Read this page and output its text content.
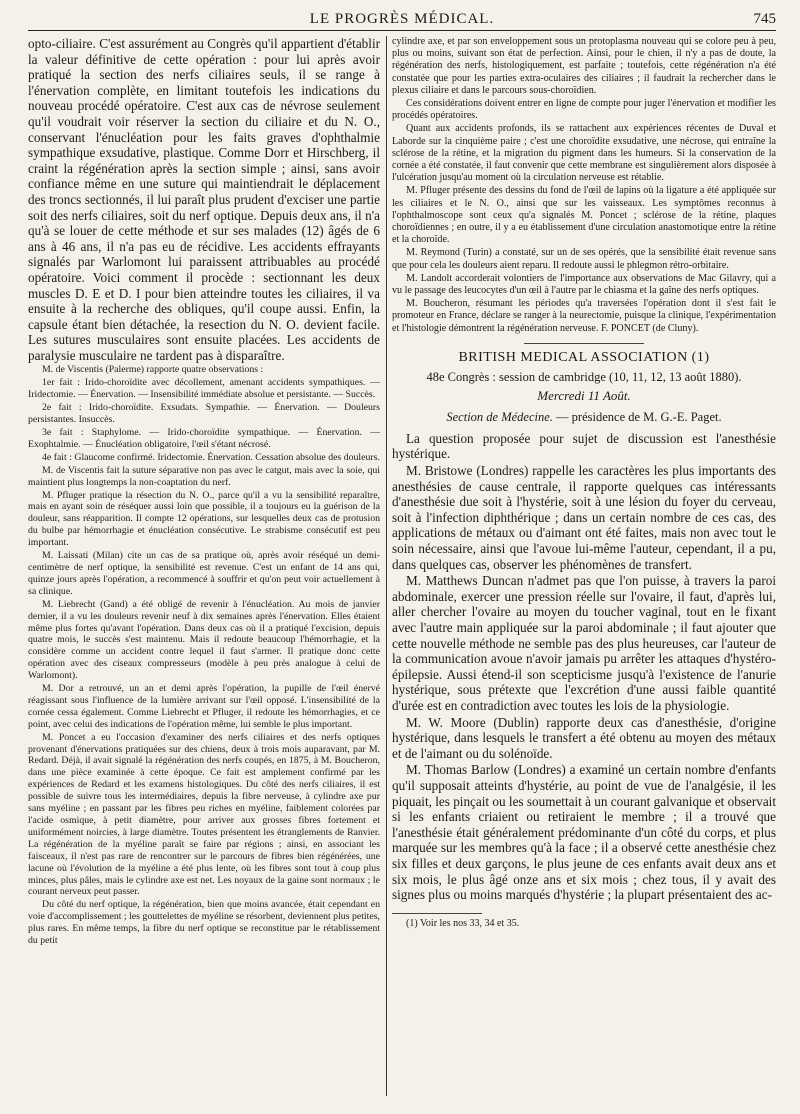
LE PROGRÈS MÉDICAL.	745

opto-ciliaire. C'est assurément au Congrès qu'il appartient d'établir la valeur définitive de cette opération : pour lui après avoir pratiqué la section des nerfs ciliaires seuls, il se range à l'énervation complète, en limitant toutefois les indications du nouveau procédé opératoire. C'est aux cas de névrose seulement qu'il voudrait voir réserver la section du ciliaire et du N. O., conservant l'énucléation pour les faits graves d'ophthalmie sympathique exsudative, plastique. Comme Dorr et Hirschberg, il craint la régénération après la section simple ; ainsi, sans avoir confiance même en une suture qui maintiendrait le déplacement des troncs sectionnés, il lui paraît plus prudent d'exciser une partie soit des nerfs ciliaires, soit du nerf optique. Depuis deux ans, il n'a qu'à se louer de cette méthode et sur ses malades (12) âgés de 6 ans à 46 ans, il n'a pas eu de récidive. Les accidents effrayants signalés par Warlomont lui paraissent attribuables au procédé opératoire. Voici comment il procède : sectionnant les deux muscles D. E et D. I pour bien atteindre toutes les ciliaires, il va ensuite à la recherche des obliques, qu'il coupe aussi. Enfin, la capsule étant bien détachée, la resection du N. O. devient facile. Les sutures musculaires sont ensuite placées. Les accidents de paralysie musculaire ne tardent pas à disparaître.

M. de Viscentis (Palerme) rapporte quatre observations :

1er fait : Irido-choroïdite avec décollement, amenant accidents sympathiques. — Iridectomie. — Énervation. — Insensibilité immédiate absolue et persistante. — Succès.

2e fait : Irido-choroïdite. Exsudats. Sympathie. — Énervation. — Douleurs persistantes. Insuccès.

3e fait : Staphylome. — Irido-choroïdite sympathique. — Énervation. — Exophtalmie. — Énucléation obligatoire, l'œil s'étant nécrosé.

4e fait : Glaucome confirmé. Iridectomie. Énervation. Cessation absolue des douleurs.

M. de Viscentis fait la suture séparative non pas avec le catgut, mais avec la soie, qui maintient plus longtemps la non-coaptation du nerf.

M. Pfluger pratique la résection du N. O., parce qu'il a vu la sensibilité reparaître, mais en ayant soin de réséquer aussi loin que possible, il a toujours eu la guérison de la douleur, sans réapparition. Il compte 12 opérations, sur lesquelles deux cas de protusion du bulbe par hémorrhagie et énucléation consécutive. Le strabisme consécutif est peu important.

M. Laissati (Milan) cite un cas de sa pratique où, après avoir réséqué un demi-centimètre de nerf optique, la sensibilité est revenue. C'est un enfant de 14 ans qui, quinze jours après l'opération, a recommencé à souffrir et qu'on peut voir actuellement à sa clinique.

M. Liebrecht (Gand) a été obligé de revenir à l'énucléation. Au mois de janvier dernier, il a vu les douleurs revenir neuf à dix semaines après l'énervation. Elles étaient même plus fortes qu'avant l'opération. Dans deux cas où il a pratiqué l'excision, depuis quatre mois, le succès s'est maintenu. Mais il redoute beaucoup l'hémorrhagie, et la considère comme un accident contre lequel il faut s'armer. Il pratique donc cette opération avec des ciseaux compresseurs (modèle à peu près analogue à celui de Warlomont).

M. Dor a retrouvé, un an et demi après l'opération, la pupille de l'œil énervé réagissant sous l'influence de la lumière arrivant sur l'œil opposé. L'insensibilité de la cornée cessa également. Comme Liebrecht et Pfluger, il redoute les hémorrhagies, et ce point, avec celui des indications de l'opération même, lui semble le plus important.

M. Poncet a eu l'occasion d'examiner des nerfs ciliaires et des nerfs optiques provenant d'énervations pratiquées sur des chiens, deux à trois mois auparavant, par M. Redard. Déjà, il avait signalé la régénération des nerfs coupés, en 1875, à M. Boucheron, dans une pièce examinée à cette époque. Ce fait est amplement confirmé par les expériences de Redard et les examens histologiques. Du côté des nerfs ciliaires, il est possible de suivre tous les intermédiaires, depuis la fibre nerveuse, à cylindre axe pur sans myéline ; en passant par les fibres peu riches en myéline, faiblement colorées par l'acide osmique, à petit diamètre, pour arriver aux grosses fibres fortement et uniformément noircies, à large diamètre. Toutes présentent les étranglements de Ranvier. La régénération de la myéline paraît se faire par régions ; ainsi, en associant les faisceaux, il n'est pas rare de rencontrer sur le parcours de fibres bien régénérées, une lacune où l'évolution de la myéline a été plus lente, où les fibres sont tout à coup plus minces, plus pâles, mais le cylindre axe est net. Les noyaux de la gaine sont normaux ; le courant nerveux peut passer.

Du côté du nerf optique, la régénération, bien que moins avancée, était cependant en voie d'accomplissement ; les gouttelettes de myéline se résorbent, deviennent plus petites, plus rares. En même temps, la fibre du nerf optique se reconstitue par le rétablissement du petit

cylindre axe, et par son enveloppement sous un protoplasma nouveau qui se colore peu à peu, plus ou moins, suivant son état de perfection. Ainsi, pour le chien, il n'y a pas de doute, la régénération des nerfs, histologiquement, est parfaite ; toutefois, cette régénération n'a été constatée que pour les parties extra-oculaires des ciliaires ; il faudrait la rechercher dans le plexus ciliaire et dans le parcours sous-choroïdien.

Ces considérations doivent entrer en ligne de compte pour juger l'énervation et modifier les procédés opératoires.

Quant aux accidents profonds, ils se rattachent aux expériences récentes de Duval et Laborde sur la cinquième paire ; c'est une choroïdite exsudative, une nécrose, qui entraîne la sclérose de la rétine, et la migration du pigment dans les humeurs. Si la conservation de la cornée a été constatée, il faut convenir que cette membrane est singulièrement alors disposée à l'ulcération jusqu'au moment où la circulation nerveuse est rétablie.

M. Pfluger présente des dessins du fond de l'œil de lapins où la ligature a été appliquée sur les ciliaires et le N. O., ainsi que sur les vaisseaux. Les symptômes reconnus à l'ophthalmoscope sont ceux qu'a signalés M. Poncet ; sclérose de la rétine, plaques choroïdiennes ; en outre, il y a eu établissement d'une circulation anastomotique entre la rétine et la choroïde.

M. Reymond (Turin) a constaté, sur un de ses opérés, que la sensibilité était revenue sans que pour cela les douleurs aient reparu. Il redoute aussi le phlegmon rétro-orbitaire.

M. Landolt accorderait volontiers de l'importance aux observations de Mac Gilavry, qui a vu le passage des leucocytes d'un œil à l'autre par le chiasma et la gaîne des nerfs optiques.

M. Boucheron, résumant les périodes qu'a traversées l'opération dont il s'est fait le promoteur en France, déclare se ranger à la neurectomie, puisque la clinique, l'expérimentation et l'histologie démontrent la régénération nerveuse. F. PONCET (de Cluny).

BRITISH MEDICAL ASSOCIATION (1)
48e Congrès : session de cambridge (10, 11, 12, 13 août 1880).
Mercredi 11 Août.
Section de Médecine. — présidence de M. G.-E. Paget.

La question proposée pour sujet de discussion est l'anesthésie hystérique.

M. Bristowe (Londres) rappelle les caractères les plus importants des anesthésies de cause centrale, il rapporte quelques cas intéressants d'anesthésie due soit à l'hystérie, soit à une lésion du foyer du cerveau, soit à l'infection diphthérique ; dans un certain nombre de ces cas, des applications de métaux ou d'aimant ont été faites, mais non avec tout le soin nécessaire, ainsi que l'avoue lui-même l'auteur, cependant, il a pu, dans quelques cas, observer les phénomènes de transfert.

M. Matthews Duncan n'admet pas que l'on puisse, à travers la paroi abdominale, exercer une pression réelle sur l'ovaire, il faut, d'après lui, aller chercher l'ovaire au moyen du toucher vaginal, tout en le fixant avec l'autre main appliquée sur la paroi abdominale ; il faut ajouter que cette nouvelle méthode ne semble pas des plus heureuses, car l'auteur de la communication avoue n'avoir jamais pu arrêter les attaques d'hystéro-épilepsie. Aussi étend-il son scepticisme jusqu'à l'existence de l'anurie hystérique, sous prétexte que l'excrétion d'une aussi faible quantité d'urée est en contradiction avec toutes les lois de la physiologie.

M. W. Moore (Dublin) rapporte deux cas d'anesthésie, d'origine hystérique, dans lesquels le transfert a été obtenu au moyen des métaux et de l'aimant ou du solénoïde.

M. Thomas Barlow (Londres) a examiné un certain nombre d'enfants qu'il supposait atteints d'hystérie, au point de vue de l'analgésie, il les piquait, les pinçait ou les soumettait à un courant galvanique et observait si les enfants criaient ou retiraient le membre ; il a trouvé que l'anesthésie était généralement prédominante d'un côté du corps, et plus marquée sur les membres qu'à la face ; il a observé cette anesthésie chez six filles et deux garçons, le plus jeune de ces enfants avait deux ans et six mois, le plus âgé onze ans et six mois ; chez tous, il y avait des signes plus ou moins marqués d'hystérie ; la plupart présentaient des ac-

(1) Voir les nos 33, 34 et 35.
